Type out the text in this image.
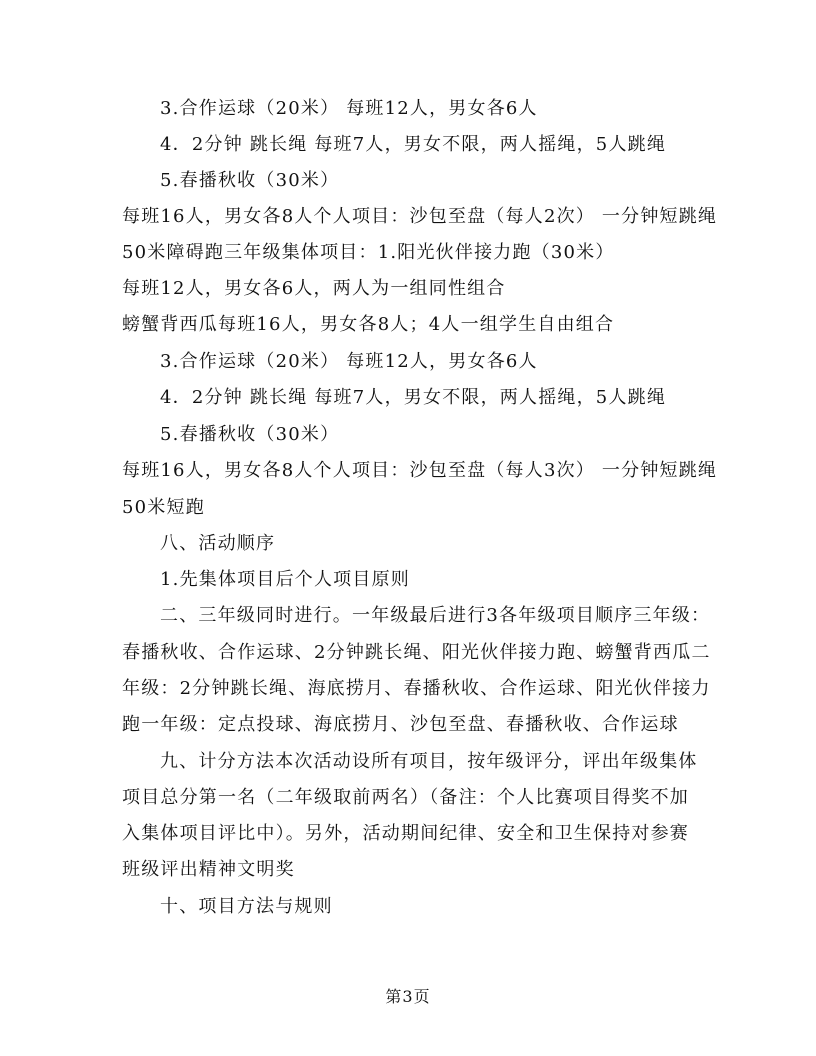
3.合作运球（20米） 每班12人，男女各6人
4．2分钟 跳长绳 每班7人，男女不限，两人摇绳，5人跳绳
5.春播秋收（30米）
每班16人，男女各8人个人项目：沙包至盘（每人2次） 一分钟短跳绳
50米障碍跑三年级集体项目：1.阳光伙伴接力跑（30米）
每班12人，男女各6人，两人为一组同性组合
螃蟹背西瓜每班16人，男女各8人；4人一组学生自由组合
3.合作运球（20米） 每班12人，男女各6人
4．2分钟 跳长绳 每班7人，男女不限，两人摇绳，5人跳绳
5.春播秋收（30米）
每班16人，男女各8人个人项目：沙包至盘（每人3次） 一分钟短跳绳
50米短跑
八、活动顺序
1.先集体项目后个人项目原则
二、三年级同时进行。一年级最后进行3各年级项目顺序三年级：
春播秋收、合作运球、2分钟跳长绳、阳光伙伴接力跑、螃蟹背西瓜二
年级：2分钟跳长绳、海底捞月、春播秋收、合作运球、阳光伙伴接力
跑一年级：定点投球、海底捞月、沙包至盘、春播秋收、合作运球
九、计分方法本次活动设所有项目，按年级评分，评出年级集体
项目总分第一名（二年级取前两名）（备注：个人比赛项目得奖不加
入集体项目评比中）。另外，活动期间纪律、安全和卫生保持对参赛
班级评出精神文明奖
十、项目方法与规则
第3页
